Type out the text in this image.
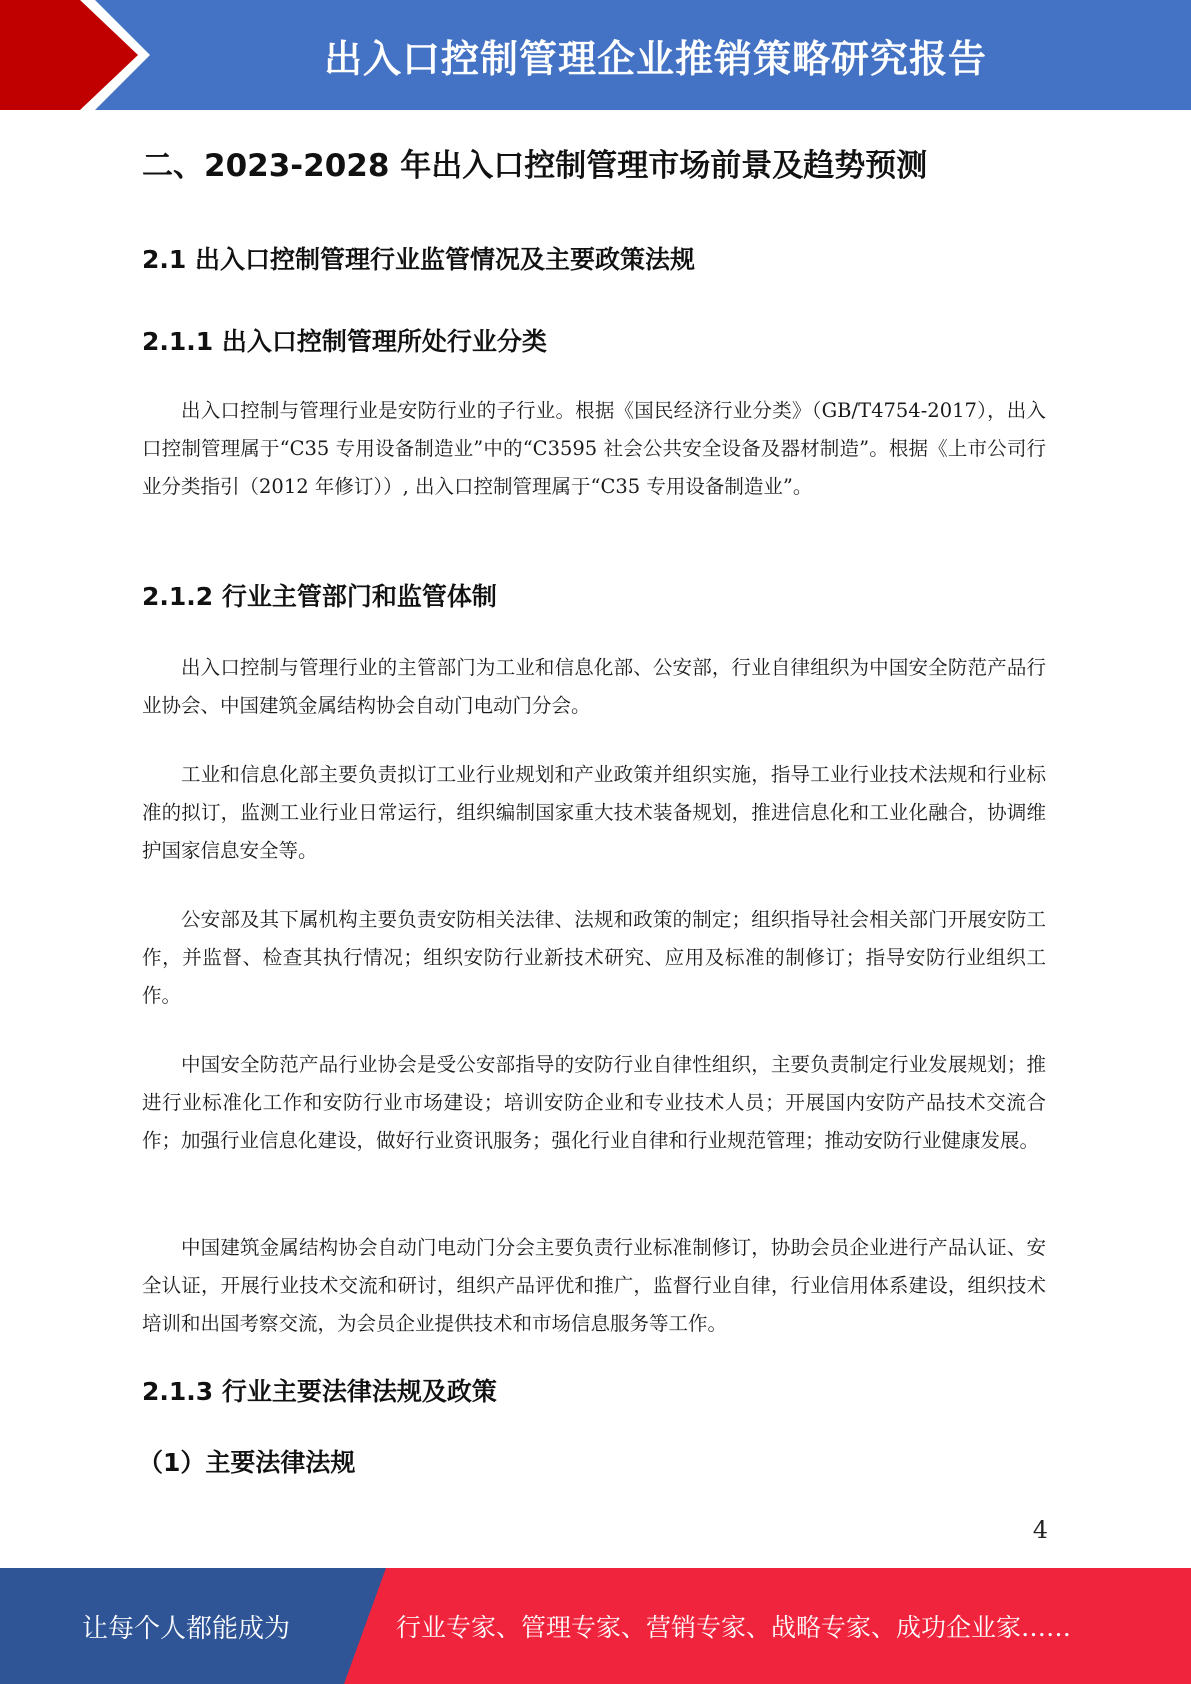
出入口控制管理企业推销策略研究报告
二、2023-2028 年出入口控制管理市场前景及趋势预测
2.1 出入口控制管理行业监管情况及主要政策法规
2.1.1 出入口控制管理所处行业分类

出入口控制与管理行业是安防行业的子行业。根据《国民经济行业分类》（GB/T4754-2017），出入口控制管理属于“C35 专用设备制造业”中的“C3595 社会公共安全设备及器材制造”。根据《上市公司行业分类指引（2012 年修订））, 出入口控制管理属于“C35 专用设备制造业”。

2.1.2 行业主管部门和监管体制

出入口控制与管理行业的主管部门为工业和信息化部、公安部，行业自律组织为中国安全防范产品行业协会、中国建筑金属结构协会自动门电动门分会。

工业和信息化部主要负责拟订工业行业规划和产业政策并组织实施，指导工业行业技术法规和行业标准的拟订，监测工业行业日常运行，组织编制国家重大技术装备规划，推进信息化和工业化融合，协调维护国家信息安全等。

公安部及其下属机构主要负责安防相关法律、法规和政策的制定；组织指导社会相关部门开展安防工作，并监督、检查其执行情况；组织安防行业新技术研究、应用及标准的制修订；指导安防行业组织工作。

中国安全防范产品行业协会是受公安部指导的安防行业自律性组织，主要负责制定行业发展规划；推进行业标准化工作和安防行业市场建设；培训安防企业和专业技术人员；开展国内安防产品技术交流合作；加强行业信息化建设，做好行业资讯服务；强化行业自律和行业规范管理；推动安防行业健康发展。

中国建筑金属结构协会自动门电动门分会主要负责行业标准制修订，协助会员企业进行产品认证、安全认证，开展行业技术交流和研讨，组织产品评优和推广，监督行业自律，行业信用体系建设，组织技术培训和出国考察交流，为会员企业提供技术和市场信息服务等工作。

2.1.3 行业主要法律法规及政策
（1）主要法律法规
4
让每个人都能成为	行业专家、管理专家、营销专家、战略专家、成功企业家……
